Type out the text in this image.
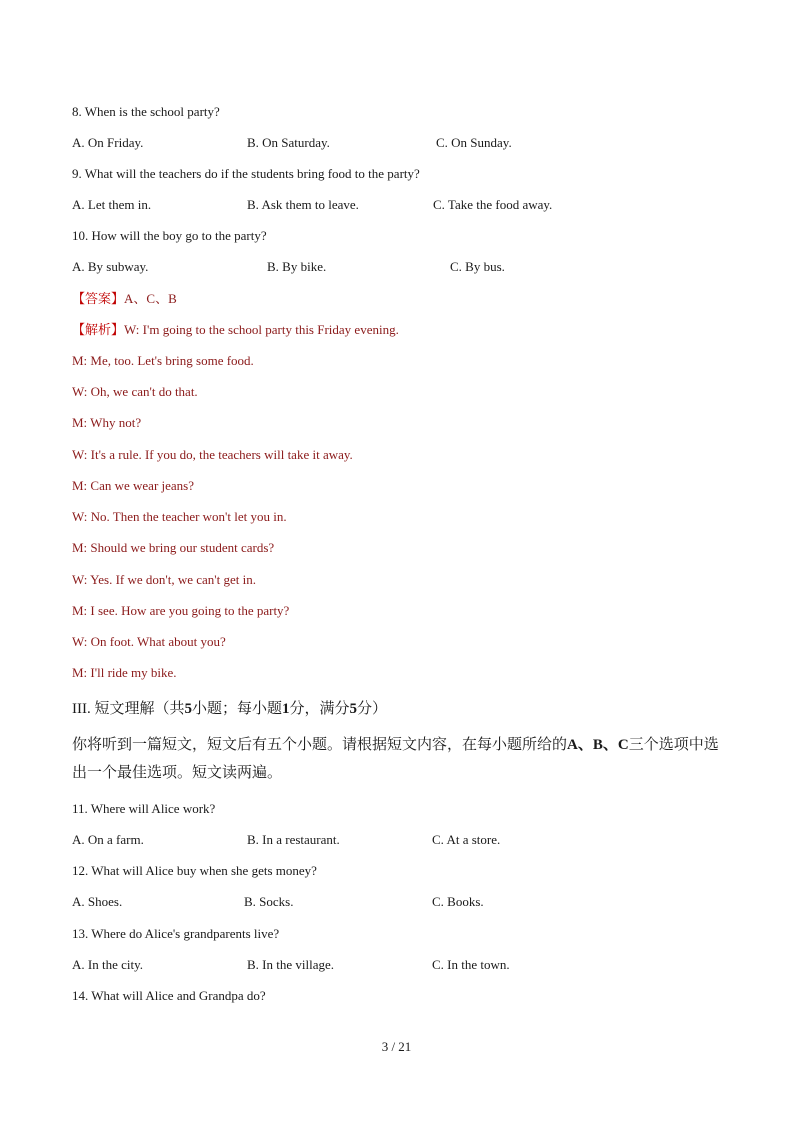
8. When is the school party?
A. On Friday.	B. On Saturday.	C. On Sunday.
9. What will the teachers do if the students bring food to the party?
A. Let them in.	B. Ask them to leave.	C. Take the food away.
10. How will the boy go to the party?
A. By subway.	B. By bike.	C. By bus.
【答案】A、C、B
【解析】W: I'm going to the school party this Friday evening.
M: Me, too. Let's bring some food.
W: Oh, we can't do that.
M: Why not?
W: It's a rule. If you do, the teachers will take it away.
M: Can we wear jeans?
W: No. Then the teacher won't let you in.
M: Should we bring our student cards?
W: Yes. If we don't, we can't get in.
M: I see. How are you going to the party?
W: On foot. What about you?
M: I'll ride my bike.
III. 短文理解（共5小题；每小题1分，满分5分）
你将听到一篇短文，短文后有五个小题。请根据短文内容，在每小题所给的A、B、C三个选项中选出一个最佳选项。短文读两遍。
11. Where will Alice work?
A. On a farm.	B. In a restaurant.	C. At a store.
12. What will Alice buy when she gets money?
A. Shoes.	B. Socks.	C. Books.
13. Where do Alice's grandparents live?
A. In the city.	B. In the village.	C. In the town.
14. What will Alice and Grandpa do?
3 / 21
